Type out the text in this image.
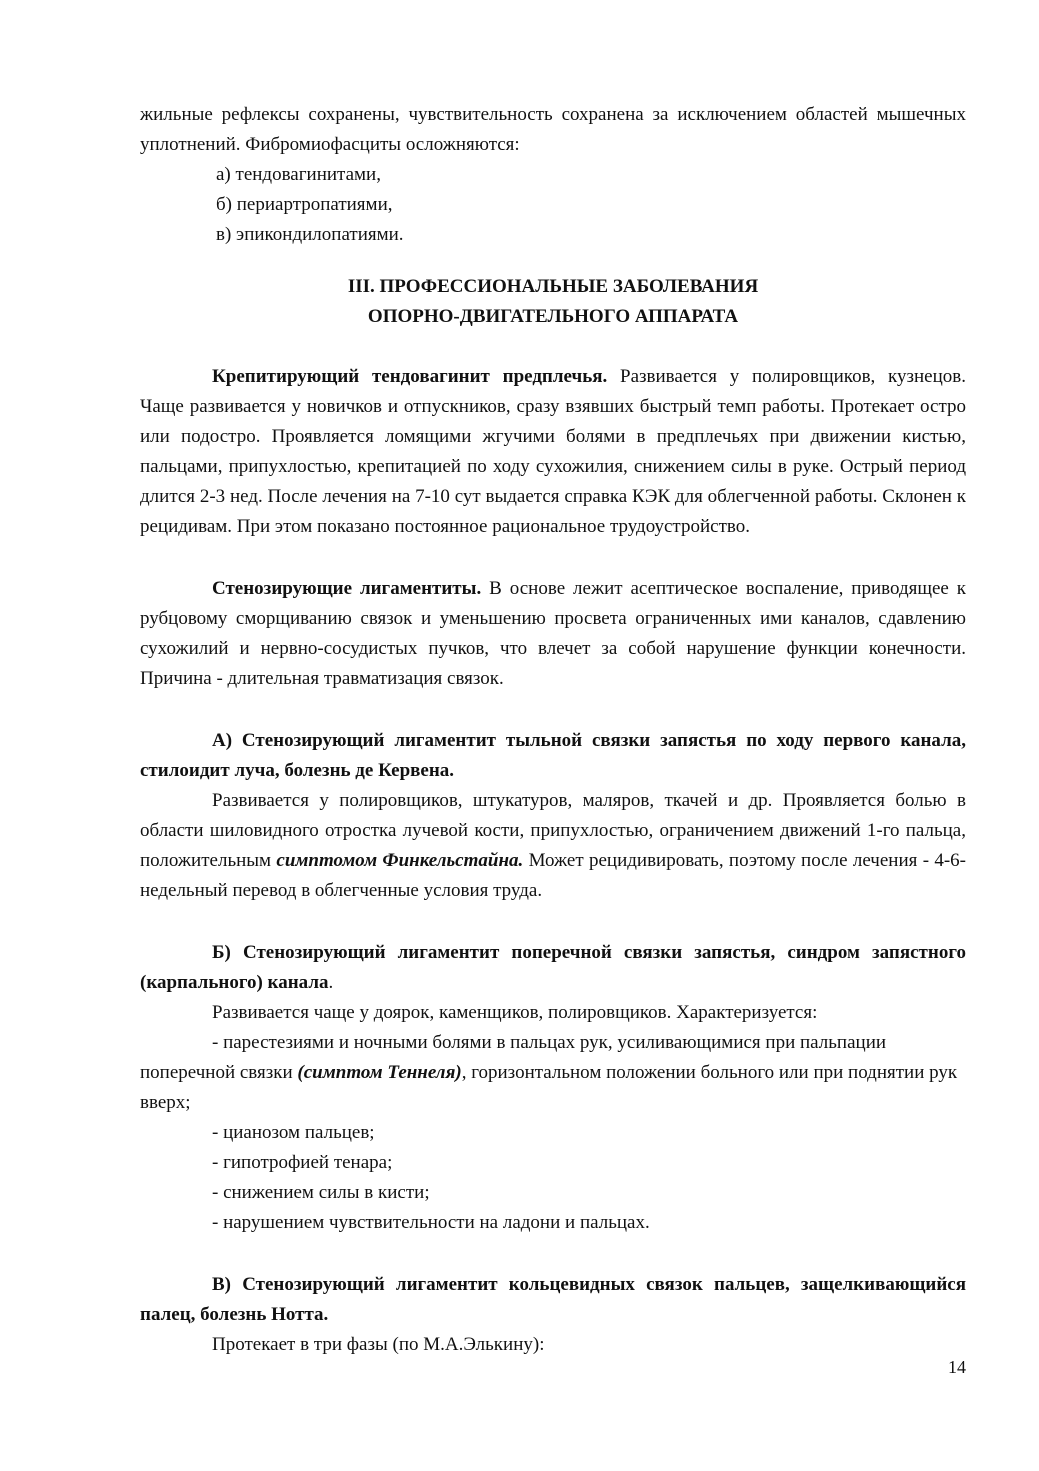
жильные рефлексы сохранены, чувствительность сохранена за исключением областей мышечных уплотнений. Фибромиофасциты осложняются:

а) тендовагинитами,

б) периартропатиями,

в) эпикондилопатиями.

III. ПРОФЕССИОНАЛЬНЫЕ ЗАБОЛЕВАНИЯ
ОПОРНО-ДВИГАТЕЛЬНОГО АППАРАТА

Крепитирующий тендовагинит предплечья. Развивается у полировщиков, кузнецов. Чаще развивается у новичков и отпускников, сразу взявших быстрый темп работы. Протекает остро или подостро. Проявляется ломящими жгучими болями в предплечьях при движении кистью, пальцами, припухлостью, крепитацией по ходу сухожилия, снижением силы в руке. Острый период длится 2-3 нед. После лечения на 7-10 сут выдается справка КЭК для облегченной работы. Склонен к рецидивам. При этом показано постоянное рациональное трудоустройство.

Стенозирующие лигаментиты. В основе лежит асептическое воспаление, приводящее к рубцовому сморщиванию связок и уменьшению просвета ограниченных ими каналов, сдавлению сухожилий и нервно-сосудистых пучков, что влечет за собой нарушение функции конечности. Причина - длительная травматизация связок.

А) Стенозирующий лигаментит тыльной связки запястья по ходу первого канала, стилоидит луча, болезнь де Кервена.

Развивается у полировщиков, штукатуров, маляров, ткачей и др. Проявляется болью в области шиловидного отростка лучевой кости, припухлостью, ограничением движений 1-го пальца, положительным симптомом Финкельстайна. Может рецидивировать, поэтому после лечения - 4-6-недельный перевод в облегченные условия труда.

Б) Стенозирующий лигаментит поперечной связки запястья, синдром запястного (карпального) канала.

Развивается чаще у доярок, каменщиков, полировщиков. Характеризуется:

- парестезиями и ночными болями в пальцах рук, усиливающимися при пальпации поперечной связки (симптом Теннеля), горизонтальном положении больного или при поднятии рук вверх;

- цианозом пальцев;

- гипотрофией тенара;

- снижением силы в кисти;

- нарушением чувствительности на ладони и пальцах.

В) Стенозирующий лигаментит кольцевидных связок пальцев, защелкивающийся палец, болезнь Нотта.

Протекает в три фазы (по М.А.Элькину):

14
